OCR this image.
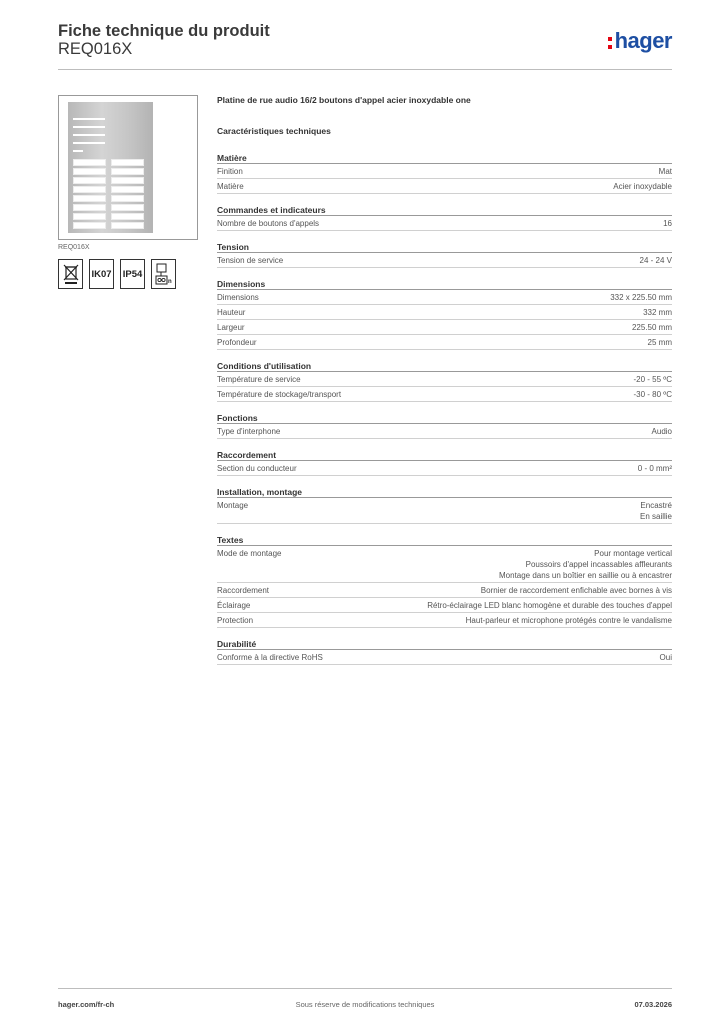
Fiche technique du produit
REQ016X	hager
REQ016X
IK07 IP54
n
Platine de rue audio 16/2 boutons d'appel acier inoxydable one
Caractéristiques techniques
Matière
Finition	Mat
Matière	Acier inoxydable
Commandes et indicateurs
Nombre de boutons d'appels	16
Tension
Tension de service	24 - 24 V
Dimensions
Dimensions	332 x 225.50 mm
Hauteur	332 mm
Largeur	225.50 mm
Profondeur	25 mm
Conditions d'utilisation
Température de service	-20 - 55 ºC
Température de stockage/transport	-30 - 80 ºC
Fonctions
Type d'interphone	Audio
Raccordement
Section du conducteur	0 - 0 mm²
Installation, montage
Montage	Encastré
En saillie
Textes
Mode de montage	Pour montage vertical
Poussoirs d'appel incassables affleurants
Montage dans un boîtier en saillie ou à encastrer
Raccordement	Bornier de raccordement enfichable avec bornes à vis
Éclairage	Rétro-éclairage LED blanc homogène et durable des touches d'appel
Protection	Haut-parleur et microphone protégés contre le vandalisme
Durabilité
Conforme à la directive RoHS	Oui
hager.com/fr-ch	Sous réserve de modifications techniques	07.03.2026
